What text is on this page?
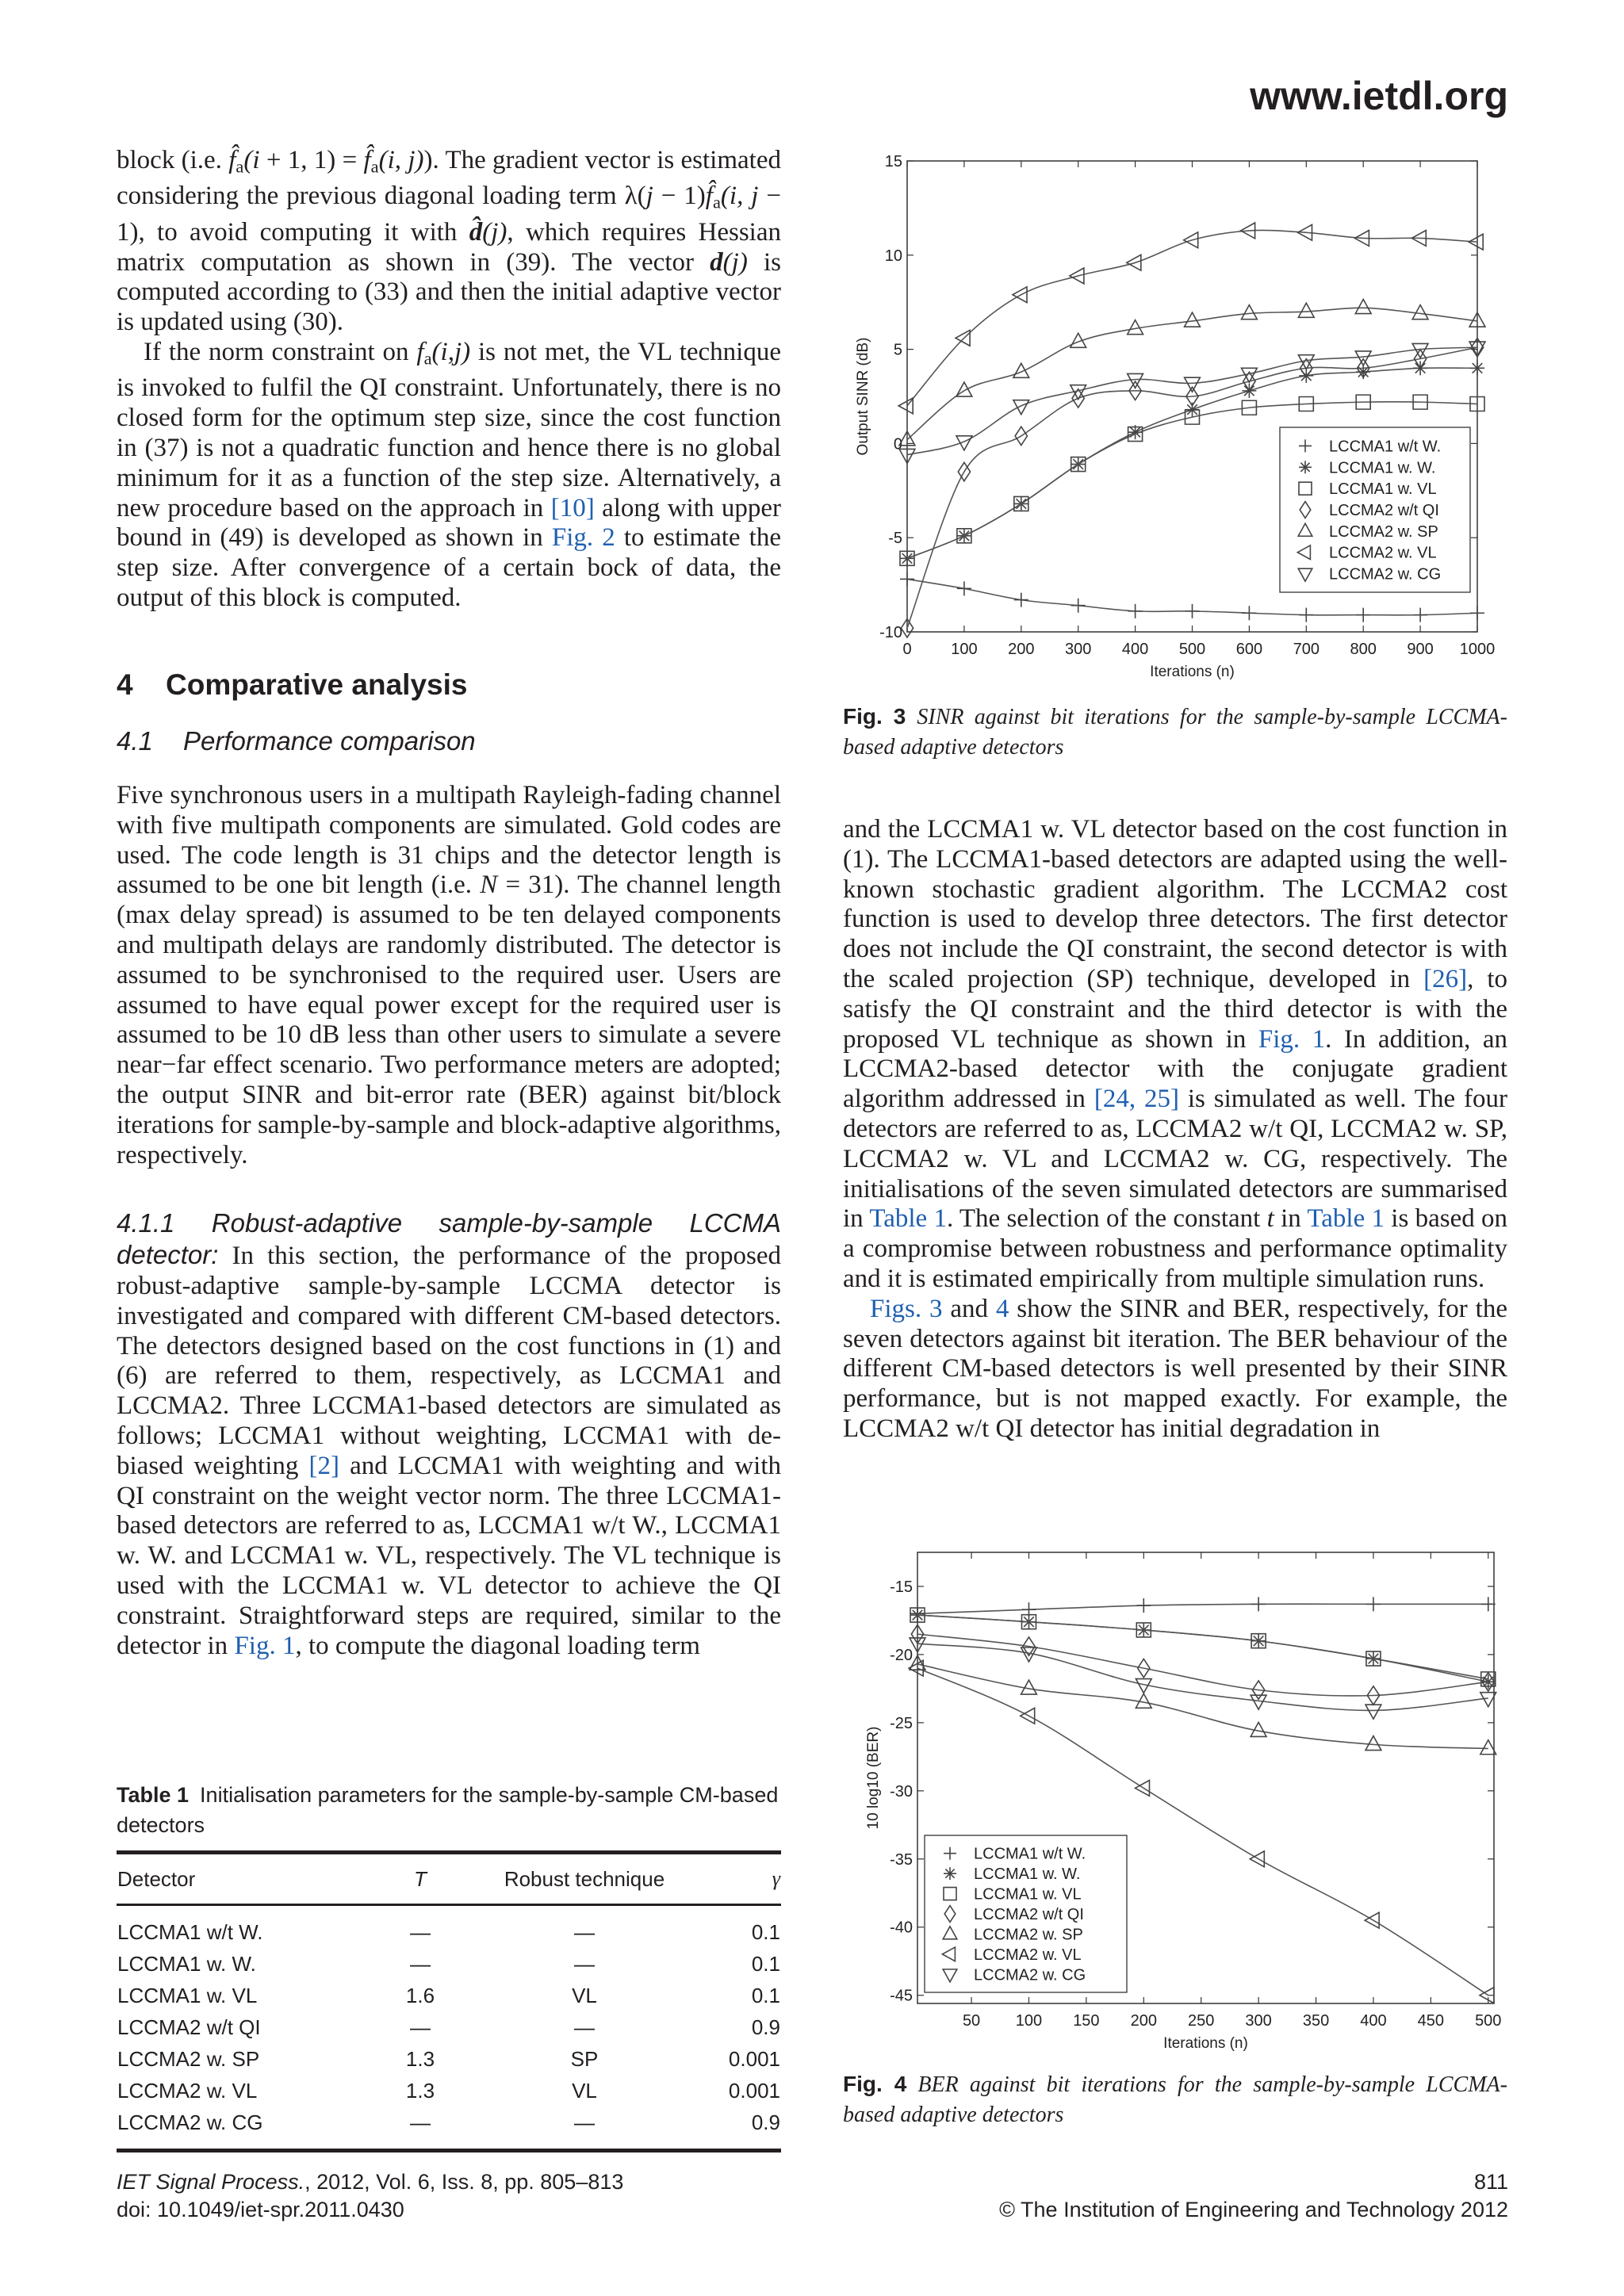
www.ietdl.org

block (i.e. $f̂_a(i + 1$, $1) = f̂_a(i$, j)). The gradient vector is estimated considering the previous diagonal loading term $\lambda(j - 1)f̂_a(i$, j − 1), to avoid computing it with d̂(j), which requires Hessian matrix computation as shown in (39). The vector d(j) is computed according to (33) and then the initial adaptive vector is updated using (30).

If the norm constraint on $f_a(i,j)$ is not met, the VL technique is invoked to fulfil the QI constraint. Unfortunately, there is no closed form for the optimum step size, since the cost function in (37) is not a quadratic function and hence there is no global minimum for it as a function of the step size. Alternatively, a new procedure based on the approach in [10] along with upper bound in (49) is developed as shown in Fig. 2 to estimate the step size. After convergence of a certain bock of data, the output of this block is computed.

4 Comparative analysis
4.1 Performance comparison

Five synchronous users in a multipath Rayleigh-fading channel with five multipath components are simulated. Gold codes are used. The code length is 31 chips and the detector length is assumed to be one bit length (i.e. N = 31). The channel length (max delay spread) is assumed to be ten delayed components and multipath delays are randomly distributed. The detector is assumed to be synchronised to the required user. Users are assumed to have equal power except for the required user is assumed to be 10 dB less than other users to simulate a severe near−far effect scenario. Two performance meters are adopted; the output SINR and bit-error rate (BER) against bit/block iterations for sample-by-sample and block-adaptive algorithms, respectively.

4.1.1 Robust-adaptive sample-by-sample LCCMA detector: In this section, the performance of the proposed robust-adaptive sample-by-sample LCCMA detector is investigated and compared with different CM-based detectors. The detectors designed based on the cost functions in (1) and (6) are referred to them, respectively, as LCCMA1 and LCCMA2. Three LCCMA1-based detectors are simulated as follows; LCCMA1 without weighting, LCCMA1 with de-biased weighting [2] and LCCMA1 with weighting and with QI constraint on the weight vector norm. The three LCCMA1-based detectors are referred to as, LCCMA1 w/t W., LCCMA1 w. W. and LCCMA1 w. VL, respectively. The VL technique is used with the LCCMA1 w. VL detector to achieve the QI constraint. Straightforward steps are required, similar to the detector in Fig. 1, to compute the diagonal loading term

Table 1 Initialisation parameters for the sample-by-sample CM-based detectors
Detector	T	Robust technique	γ
LCCMA1 w/t W.	—	—	0.1
LCCMA1 w. W.	—	—	0.1
LCCMA1 w. VL	1.6	VL	0.1
LCCMA2 w/t QI	—	—	0.9
LCCMA2 w. SP	1.3	SP	0.001
LCCMA2 w. VL	1.3	VL	0.001
LCCMA2 w. CG	—	—	0.9
0 100 200 300 400 500 600 700 800 900 1000
-10
-5
0
5
10
15
Iterations (n)
Output SINR (dB)	LCCMA1 w/t W.
LCCMA1 w. W.
LCCMA1 w. VL
LCCMA2 w/t QI
LCCMA2 w. SP
LCCMA2 w. VL
LCCMA2 w. CG
Fig. 3 SINR against bit iterations for the sample-by-sample LCCMA-based adaptive detectors

and the LCCMA1 w. VL detector based on the cost function in (1). The LCCMA1-based detectors are adapted using the well-known stochastic gradient algorithm. The LCCMA2 cost function is used to develop three detectors. The first detector does not include the QI constraint, the second detector is with the scaled projection (SP) technique, developed in [26], to satisfy the QI constraint and the third detector is with the proposed VL technique as shown in Fig. 1. In addition, an LCCMA2-based detector with the conjugate gradient algorithm addressed in [24, 25] is simulated as well. The four detectors are referred to as, LCCMA2 w/t QI, LCCMA2 w. SP, LCCMA2 w. VL and LCCMA2 w. CG, respectively. The initialisations of the seven simulated detectors are summarised in Table 1. The selection of the constant t in Table 1 is based on a compromise between robustness and performance optimality and it is estimated empirically from multiple simulation runs.

Figs. 3 and 4 show the SINR and BER, respectively, for the seven detectors against bit iteration. The BER behaviour of the different CM-based detectors is well presented by their SINR performance, but is not mapped exactly. For example, the LCCMA2 w/t QI detector has initial degradation in

50 100 150 200 250 300 350 400 450 500
-45
-40
-35
-30
-25
-20
-15
Iterations (n)
10 log10 (BER)
LCCMA1 w/t W.
LCCMA1 w. W.
LCCMA1 w. VL
LCCMA2 w/t QI
LCCMA2 w. SP
LCCMA2 w. VL
LCCMA2 w. CG
Fig. 4 BER against bit iterations for the sample-by-sample LCCMA-based adaptive detectors
IET Signal Process., 2012, Vol. 6, Iss. 8, pp. 805–813
doi: 10.1049/iet-spr.2011.0430
811
© The Institution of Engineering and Technology 2012
